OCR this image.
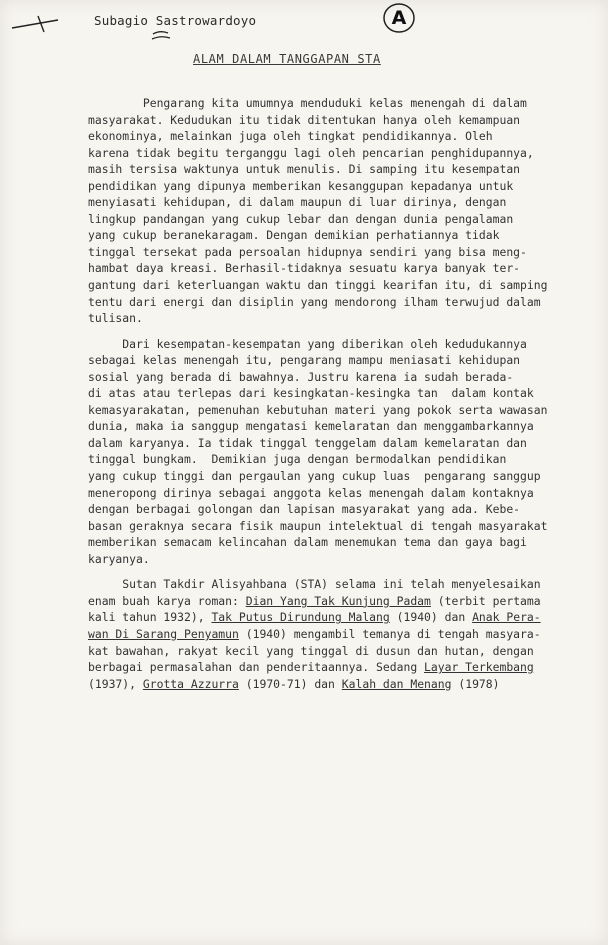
Subagio Sastrowardoyo	A
ALAM DALAM TANGGAPAN STA
Pengarang kita umumnya menduduki kelas menengah di dalam
masyarakat. Kedudukan itu tidak ditentukan hanya oleh kemampuan
ekonominya, melainkan juga oleh tingkat pendidikannya. Oleh
karena tidak begitu terganggu lagi oleh pencarian penghidupannya,
masih tersisa waktunya untuk menulis. Di samping itu kesempatan
pendidikan yang dipunya memberikan kesanggupan kepadanya untuk
menyiasati kehidupan, di dalam maupun di luar dirinya, dengan
lingkup pandangan yang cukup lebar dan dengan dunia pengalaman
yang cukup beranekaragam. Dengan demikian perhatiannya tidak
tinggal tersekat pada persoalan hidupnya sendiri yang bisa meng-
hambat daya kreasi. Berhasil-tidaknya sesuatu karya banyak ter-
gantung dari keterluangan waktu dan tinggi kearifan itu, di samping
tentu dari energi dan disiplin yang mendorong ilham terwujud dalam
tulisan.
Dari kesempatan-kesempatan yang diberikan oleh kedudukannya
sebagai kelas menengah itu, pengarang mampu meniasati kehidupan
sosial yang berada di bawahnya. Justru karena ia sudah berada-
di atas atau terlepas dari kesingkatan-kesingka tan  dalam kontak
kemasyarakatan, pemenuhan kebutuhan materi yang pokok serta wawasan
dunia, maka ia sanggup mengatasi kemelaratan dan menggambarkannya
dalam karyanya. Ia tidak tinggal tenggelam dalam kemelaratan dan
tinggal bungkam.  Demikian juga dengan bermodalkan pendidikan
yang cukup tinggi dan pergaulan yang cukup luas  pengarang sanggup
meneropong dirinya sebagai anggota kelas menengah dalam kontaknya
dengan berbagai golongan dan lapisan masyarakat yang ada. Kebe-
basan geraknya secara fisik maupun intelektual di tengah masyarakat
memberikan semacam kelincahan dalam menemukan tema dan gaya bagi
karyanya.
Sutan Takdir Alisyahbana (STA) selama ini telah menyelesaikan
enam buah karya roman: Dian Yang Tak Kunjung Padam (terbit pertama
kali tahun 1932), Tak Putus Dirundung Malang (1940) dan Anak Pera-
wan Di Sarang Penyamun (1940) mengambil temanya di tengah masyara-
kat bawahan, rakyat kecil yang tinggal di dusun dan hutan, dengan
berbagai permasalahan dan penderitaannya. Sedang Layar Terkembang
(1937), Grotta Azzurra (1970-71) dan Kalah dan Menang (1978)
